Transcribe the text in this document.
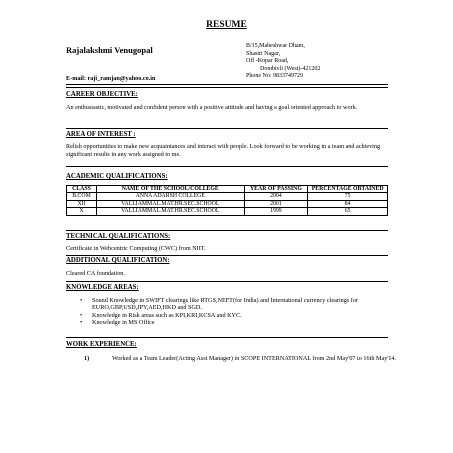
RESUME
Rajalakshmi Venugopal
E-mail: raji_ramjan@yahoo.co.in
B/15,Maheshwar Dham,
Shastri Nagar,
Off -Kopar Road,
Dombivli (West)-421202
Phone No: 9833749729
CAREER OBJECTIVE:
An enthusiastic, motivated and confident person with a positive attitude and having a goal oriented approach to work.
AREA OF INTEREST :
Relish opportunities to make new acquaintances and interact with people. Look forward to be working in a team and achieving significant results in any work assigned to me.
ACADEMIC QUALIFICATIONS:
CLASS	NAME OF THE SCHOOL/COLLEGE	YEAR OF PASSING	PERCENTAGE OBTAINED
B.COM	ANNA ADARSH COLLEGE	2004	75
XII	VALLIAMMAL.MAT.HR.SEC.SCHOOL	2001	84
X	VALLIAMMAL.MAT.HR.SEC.SCHOOL	1999	65
TECHNICAL QUALIFICATIONS:
Certificate in Webcentric Computing (CWC) from NIIT.
ADDITIONAL QUALIFICATION:
Cleared CA foundation.
KNOWLEDGE AREAS:
• Sound Knowledge in SWIFT clearings like RTGS,NEFT(for India) and International currency clearings for EURO,GBP,USD,JPY,AED,HKD and SGD.
• Knowledge in Risk areas such as KPI,KRI,KCSA and KYC.
• Knowledge in MS Office
WORK EXPERIENCE:
1)	Worked as a Team Leader(Acting Asst Manager) in SCOPE INTERNATIONAL from 2nd May'07 to 16th May'14.
